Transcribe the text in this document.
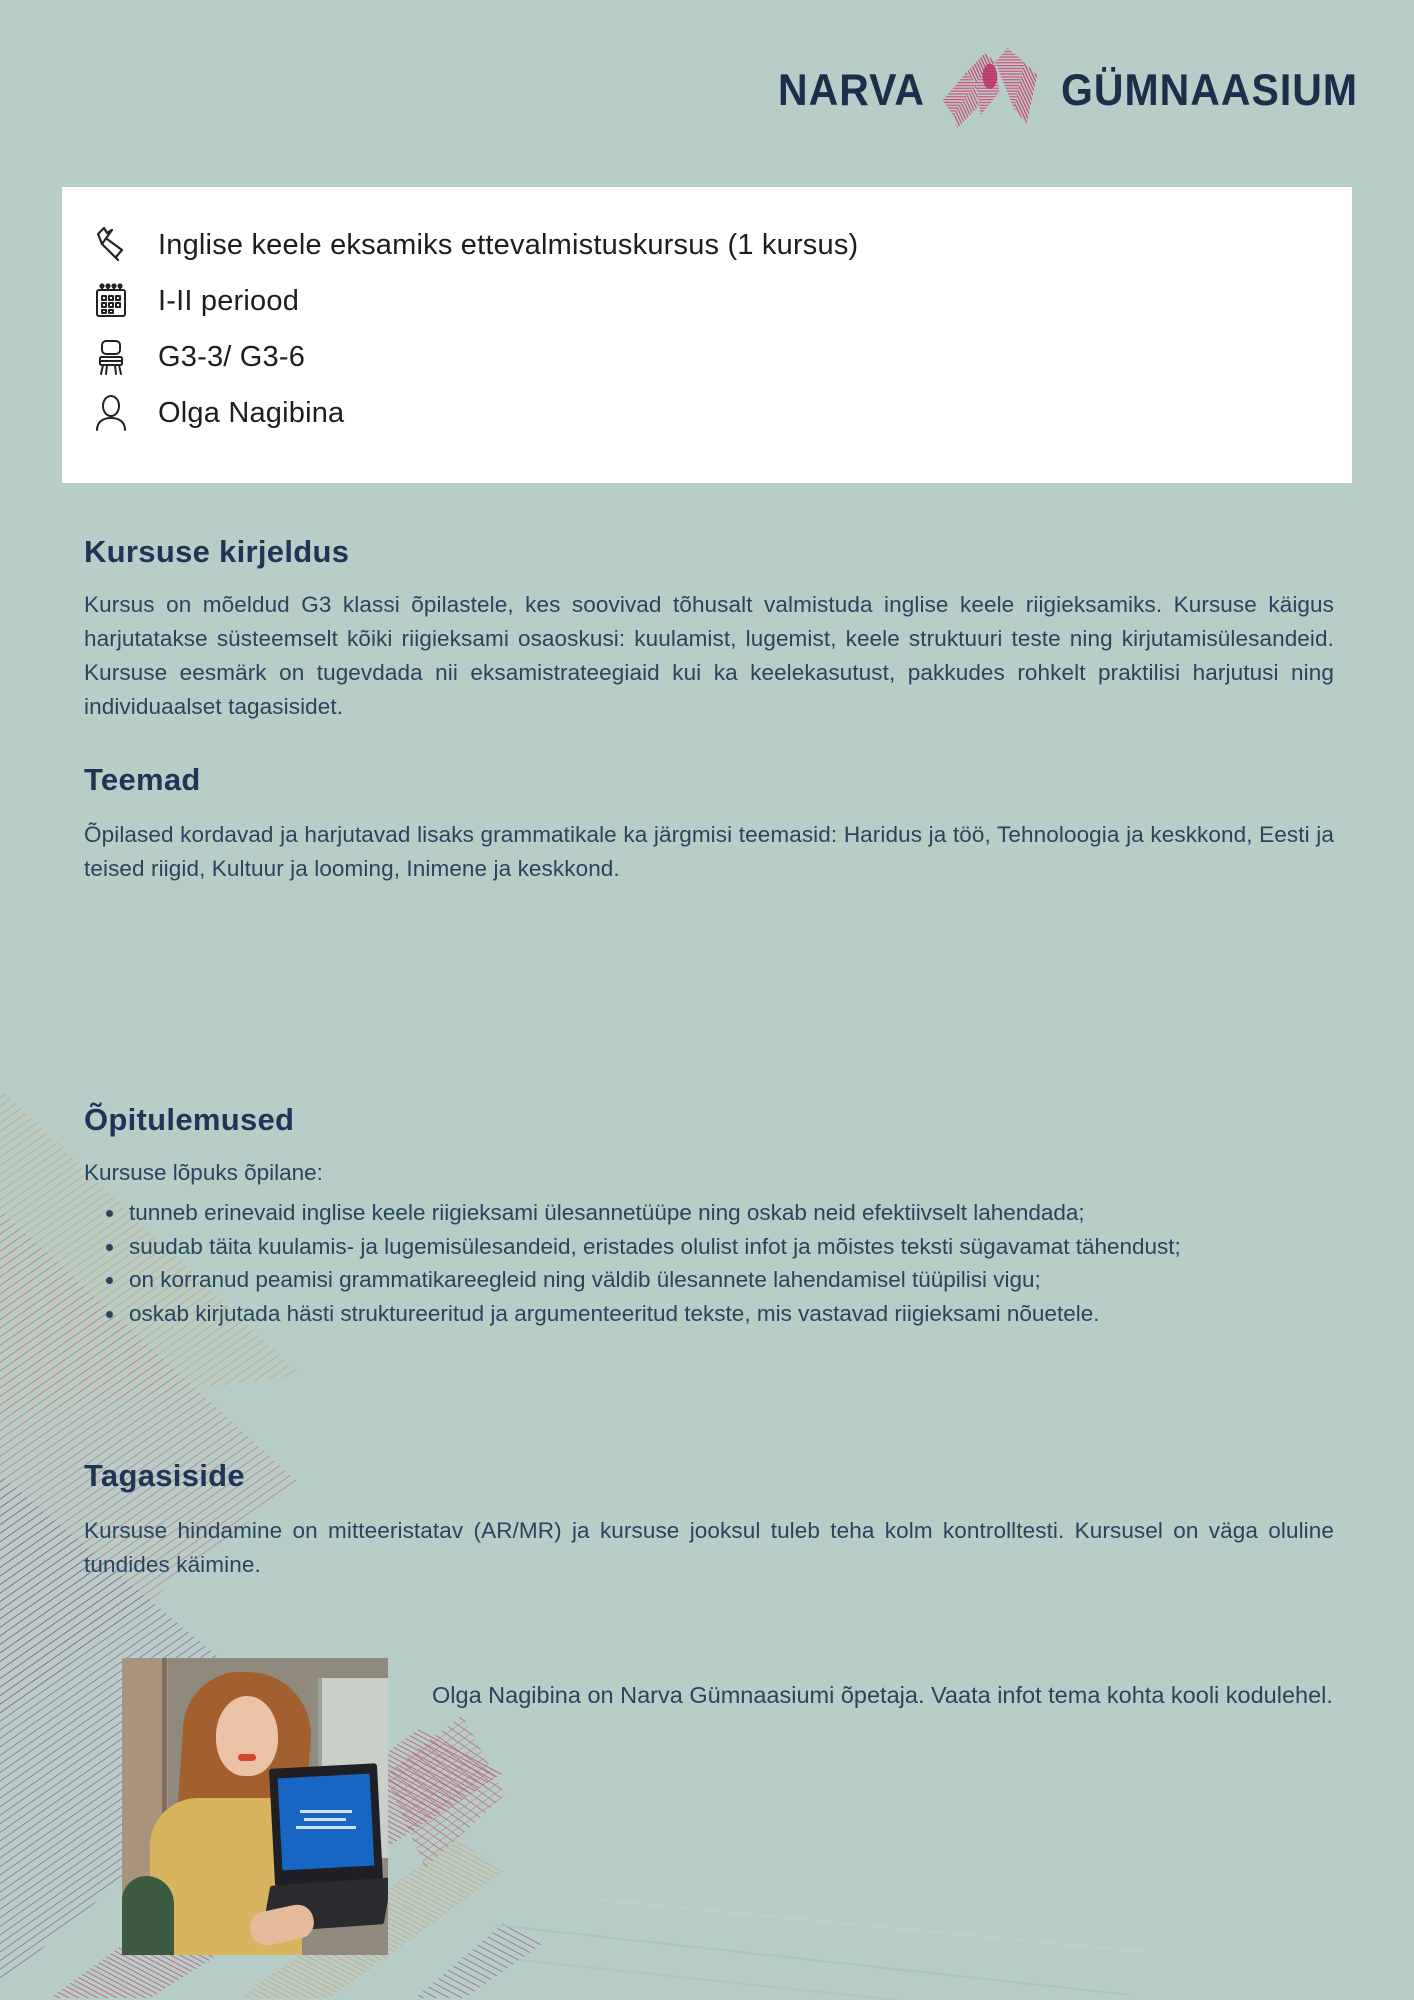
NARVA	GÜMNAASIUM
Inglise keele eksamiks ettevalmistuskursus (1 kursus)
I-II periood
G3-3/ G3-6
Olga Nagibina
Kursuse kirjeldus

Kursus on mõeldud G3 klassi õpilastele, kes soovivad tõhusalt valmistuda inglise keele riigieksamiks. Kursuse käigus harjutatakse süsteemselt kõiki riigieksami osaoskusi: kuulamist, lugemist, keele struktuuri teste ning kirjutamisülesandeid. Kursuse eesmärk on tugevdada nii eksamistrateegiaid kui ka keelekasutust, pakkudes rohkelt praktilisi harjutusi ning individuaalset tagasisidet.

Teemad

Õpilased kordavad ja harjutavad lisaks grammatikale ka järgmisi teemasid: Haridus ja töö, Tehnoloogia ja keskkond, Eesti ja teised riigid, Kultuur ja looming, Inimene ja keskkond.

Õpitulemused

Kursuse lõpuks õpilane:

tunneb erinevaid inglise keele riigieksami ülesannetüüpe ning oskab neid efektiivselt lahendada;
suudab täita kuulamis- ja lugemisülesandeid, eristades olulist infot ja mõistes teksti sügavamat tähendust;
on korranud peamisi grammatikareegleid ning väldib ülesannete lahendamisel tüüpilisi vigu;
oskab kirjutada hästi struktureeritud ja argumenteeritud tekste, mis vastavad riigieksami nõuetele.
Tagasiside

Kursuse hindamine on mitteeristatav (AR/MR) ja kursuse jooksul tuleb teha kolm kontrolltesti. Kursusel on väga oluline tundides käimine.

Olga Nagibina on Narva Gümnaasiumi õpetaja. Vaata infot tema kohta kooli kodulehel.
